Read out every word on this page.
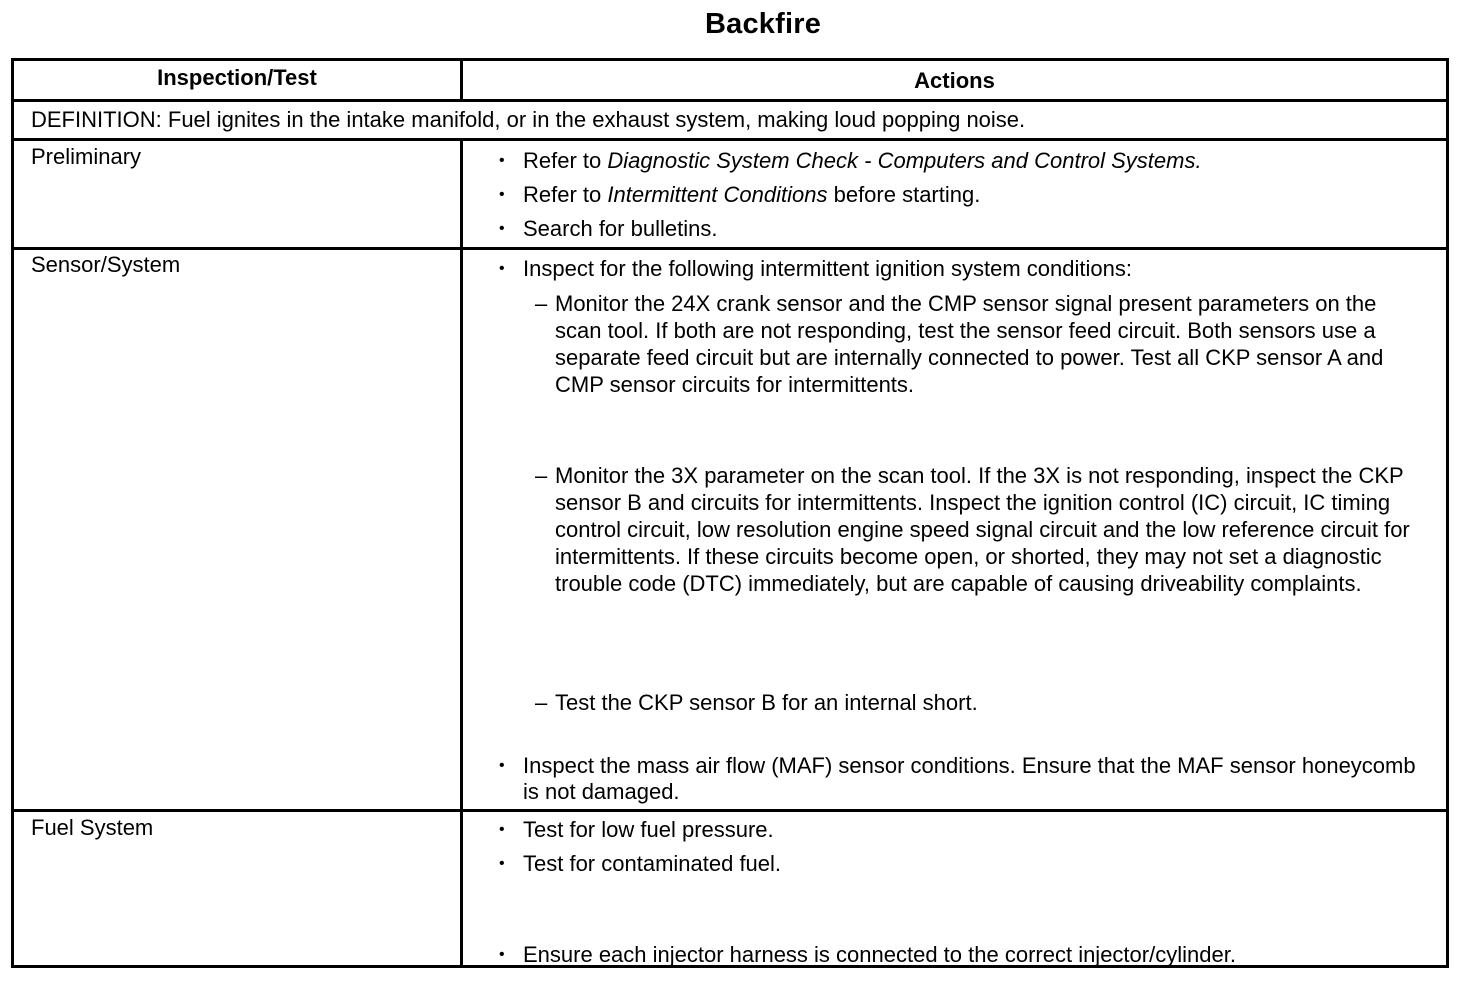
Backfire
Inspection/Test	Actions
DEFINITION: Fuel ignites in the intake manifold, or in the exhaust system, making loud popping noise.
Preliminary	• Refer to Diagnostic System Check - Computers and Control Systems.
• Refer to Intermittent Conditions before starting.
• Search for bulletins.
Sensor/System	• Inspect for the following intermittent ignition system conditions:
– Monitor the 24X crank sensor and the CMP sensor signal present parameters on the scan tool. If both are not responding, test the sensor feed circuit. Both sensors use a separate feed circuit but are internally connected to power. Test all CKP sensor A and CMP sensor circuits for intermittents.
– Monitor the 3X parameter on the scan tool. If the 3X is not responding, inspect the CKP sensor B and circuits for intermittents. Inspect the ignition control (IC) circuit, IC timing control circuit, low resolution engine speed signal circuit and the low reference circuit for intermittents. If these circuits become open, or shorted, they may not set a diagnostic trouble code (DTC) immediately, but are capable of causing driveability complaints.
– Test the CKP sensor B for an internal short.
• Inspect the mass air flow (MAF) sensor conditions. Ensure that the MAF sensor honeycomb is not damaged.
Fuel System	• Test for low fuel pressure.
• Test for contaminated fuel.
• Ensure each injector harness is connected to the correct injector/cylinder.
